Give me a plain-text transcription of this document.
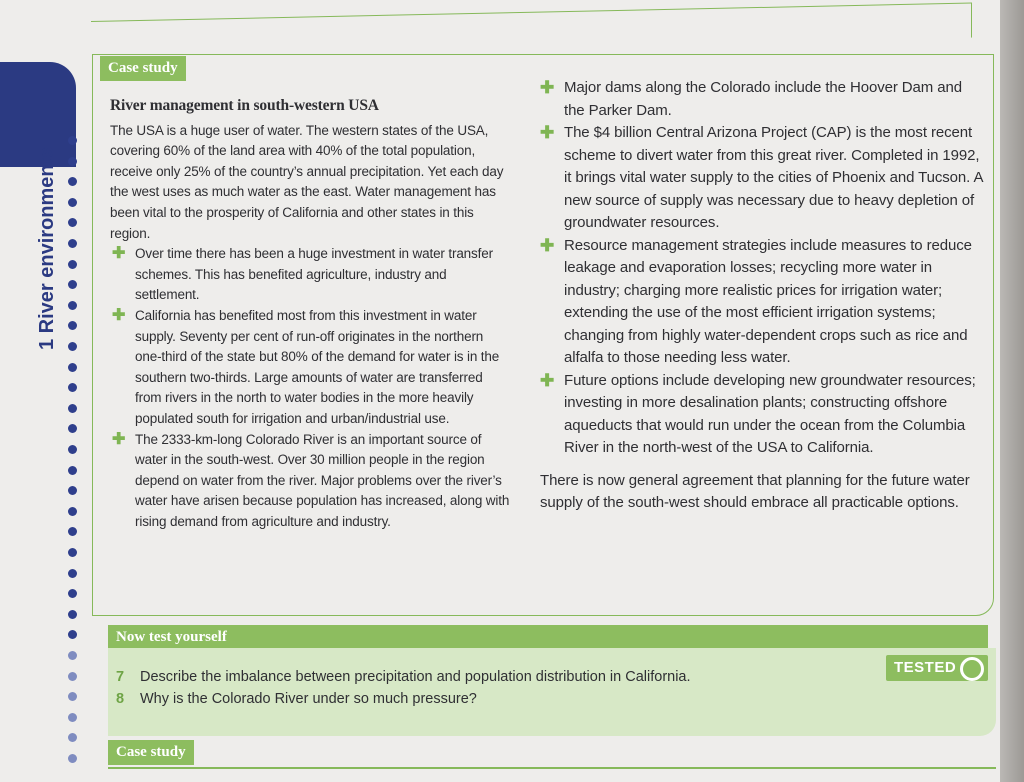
1 River environments
Case study
River management in south-western USA

The USA is a huge user of water. The western states of the USA, covering 60% of the land area with 40% of the total population, receive only 25% of the country’s annual precipitation. Yet each day the west uses as much water as the east. Water management has been vital to the prosperity of California and other states in this region.

✚ Over time there has been a huge investment in water transfer schemes. This has benefited agriculture, industry and settlement.
✚ California has benefited most from this investment in water supply. Seventy per cent of run-off originates in the northern one-third of the state but 80% of the demand for water is in the southern two-thirds. Large amounts of water are transferred from rivers in the north to water bodies in the more heavily populated south for irrigation and urban/industrial use.
✚ The 2333-km-long Colorado River is an important source of water in the south-west. Over 30 million people in the region depend on water from the river. Major problems over the river’s water have arisen because population has increased, along with rising demand from agriculture and industry.
✚ Major dams along the Colorado include the Hoover Dam and the Parker Dam.
✚ The $4 billion Central Arizona Project (CAP) is the most recent scheme to divert water from this great river. Completed in 1992, it brings vital water supply to the cities of Phoenix and Tucson. A new source of supply was necessary due to heavy depletion of groundwater resources.
✚ Resource management strategies include measures to reduce leakage and evaporation losses; recycling more water in industry; charging more realistic prices for irrigation water; extending the use of the most efficient irrigation systems; changing from highly water-dependent crops such as rice and alfalfa to those needing less water.
✚ Future options include developing new groundwater resources; investing in more desalination plants; constructing offshore aqueducts that would run under the ocean from the Columbia River in the north-west of the USA to California.

There is now general agreement that planning for the future water supply of the south-west should embrace all practicable options.

Now test yourself
TESTED
7 Describe the imbalance between precipitation and population distribution in California.
8 Why is the Colorado River under so much pressure?
Case study
